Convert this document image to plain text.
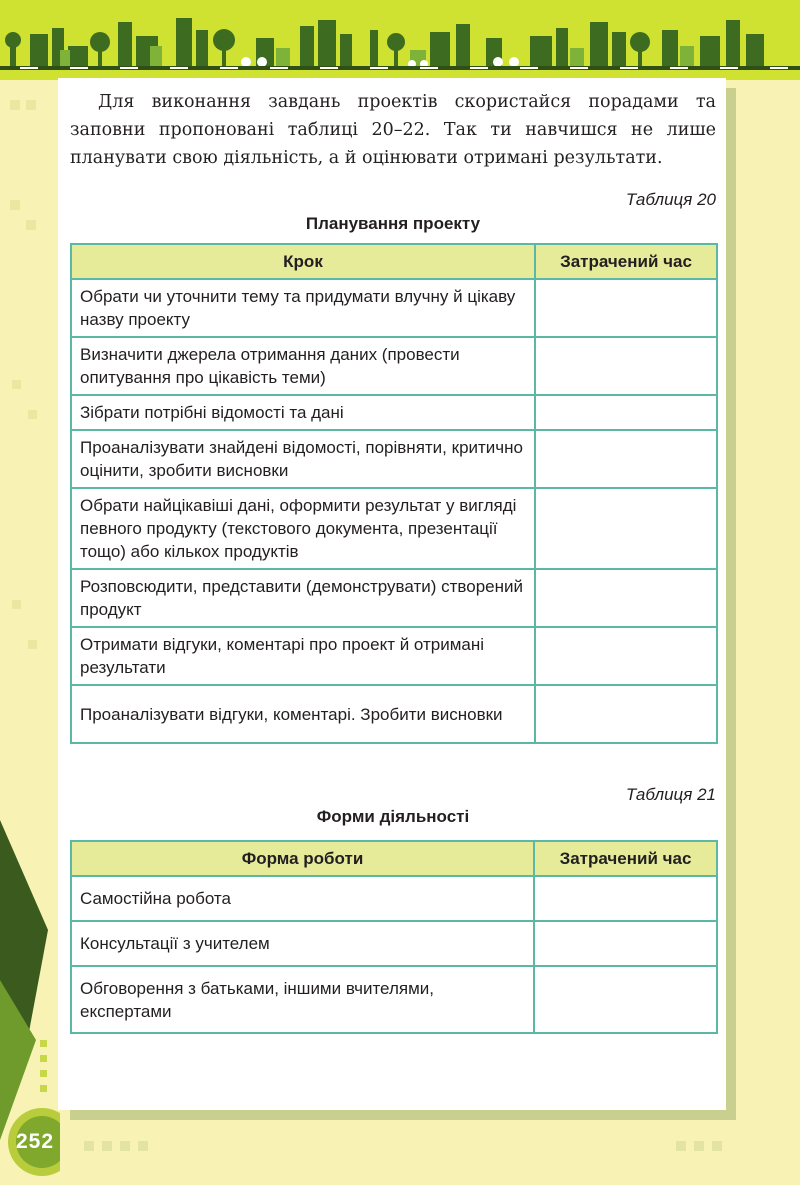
Для виконання завдань проектів скористайся порадами та заповни пропоновані таблиці 20–22. Так ти навчишся не лише планувати свою діяльність, а й оцінювати отримані результати.

Таблиця 20

Планування проекту

Крок	Затрачений час
Обрати чи уточнити тему та придумати влучну й цікаву назву проекту	
Визначити джерела отримання даних (провести опитування про цікавість теми)	
Зібрати потрібні відомості та дані	
Проаналізувати знайдені відомості, порівняти, критично оцінити, зробити висновки	
Обрати найцікавіші дані, оформити результат у вигляді певного продукту (текстового документа, презентації тощо) або кількох продуктів	
Розповсюдити, представити (демонструвати) створений продукт	
Отримати відгуки, коментарі про проект й отримані результати	
Проаналізувати відгуки, коментарі. Зробити висновки	

Таблиця 21

Форми діяльності

Форма роботи	Затрачений час
Самостійна робота	
Консультації з учителем	
Обговорення з батьками, іншими вчителями, експертами	

252
